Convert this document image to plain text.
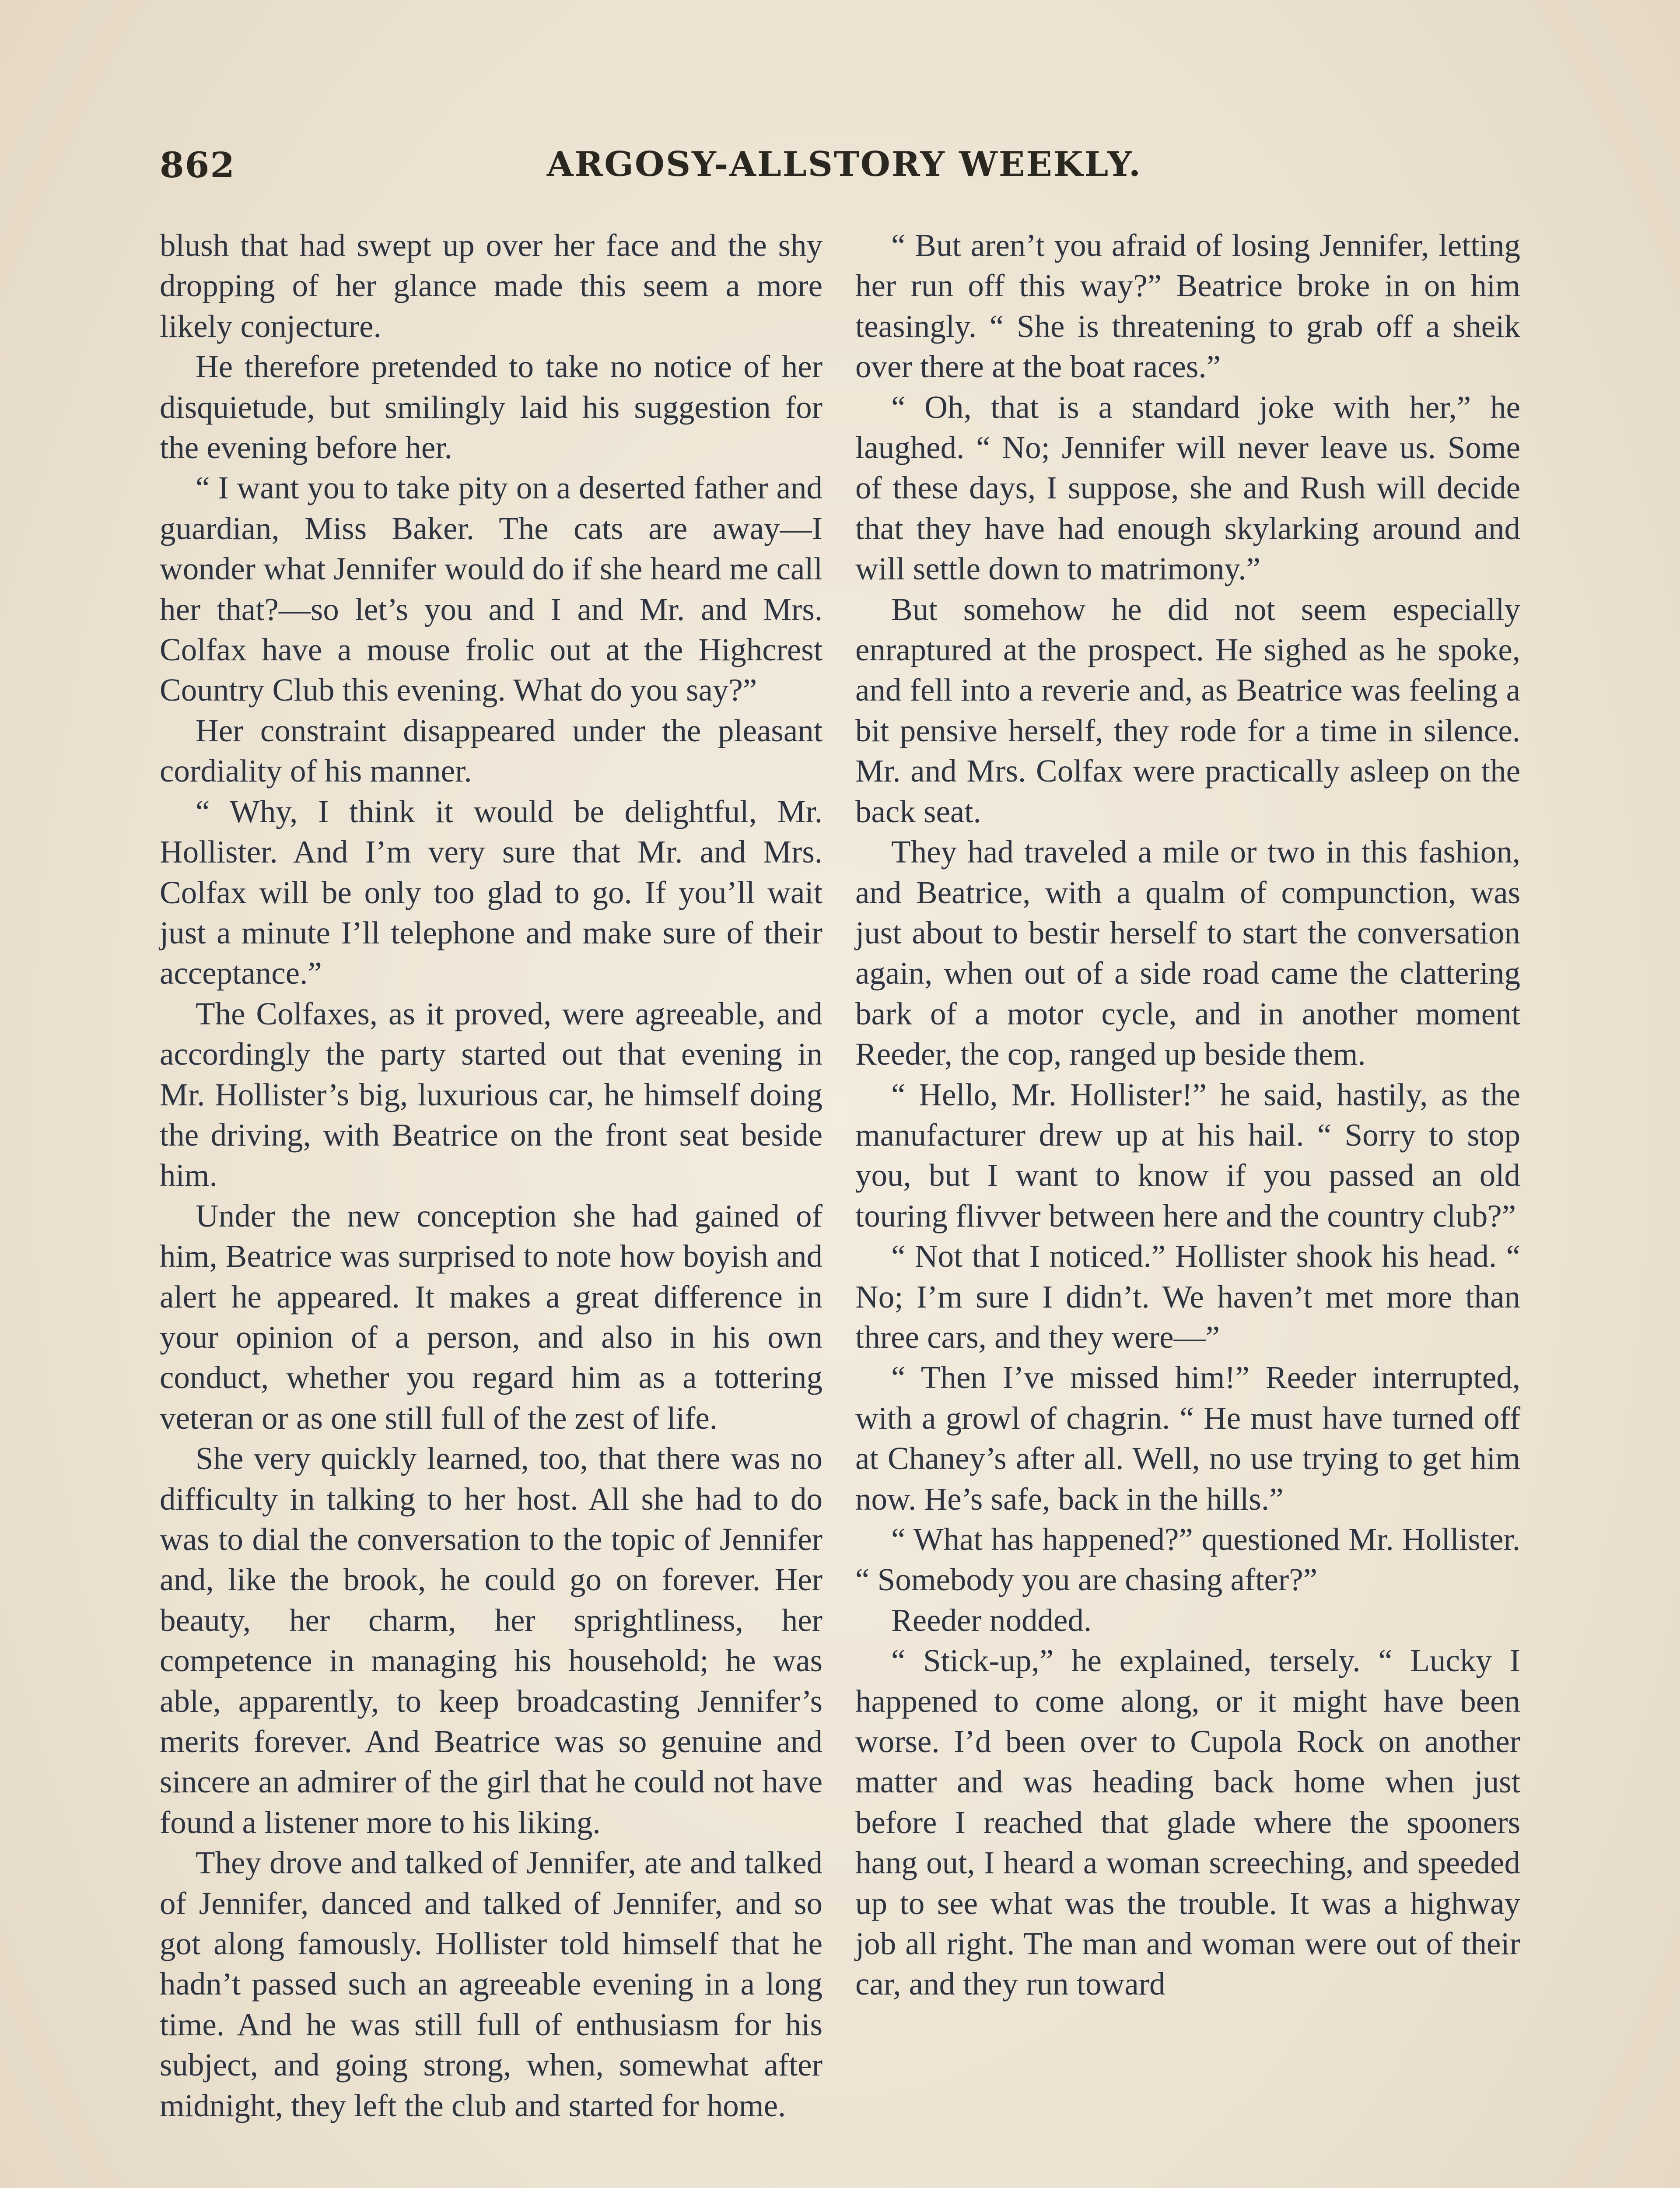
862	ARGOSY-ALLSTORY WEEKLY.

blush that had swept up over her face and the shy dropping of her glance made this seem a more likely conjecture.

He therefore pretended to take no notice of her disquietude, but smilingly laid his suggestion for the evening before her.

“ I want you to take pity on a deserted father and guardian, Miss Baker. The cats are away—I wonder what Jennifer would do if she heard me call her that?—so let’s you and I and Mr. and Mrs. Colfax have a mouse frolic out at the Highcrest Country Club this evening. What do you say?”

Her constraint disappeared under the pleasant cordiality of his manner.

“ Why, I think it would be delightful, Mr. Hollister. And I’m very sure that Mr. and Mrs. Colfax will be only too glad to go. If you’ll wait just a minute I’ll telephone and make sure of their acceptance.”

The Colfaxes, as it proved, were agreeable, and accordingly the party started out that evening in Mr. Hollister’s big, luxurious car, he himself doing the driving, with Beatrice on the front seat beside him.

Under the new conception she had gained of him, Beatrice was surprised to note how boyish and alert he appeared. It makes a great difference in your opinion of a person, and also in his own conduct, whether you regard him as a tottering veteran or as one still full of the zest of life.

She very quickly learned, too, that there was no difficulty in talking to her host. All she had to do was to dial the conversation to the topic of Jennifer and, like the brook, he could go on forever. Her beauty, her charm, her sprightliness, her competence in managing his household; he was able, apparently, to keep broadcasting Jennifer’s merits forever. And Beatrice was so genuine and sincere an admirer of the girl that he could not have found a listener more to his liking.

They drove and talked of Jennifer, ate and talked of Jennifer, danced and talked of Jennifer, and so got along famously. Hollister told himself that he hadn’t passed such an agreeable evening in a long time. And he was still full of enthusiasm for his subject, and going strong, when, somewhat after midnight, they left the club and started for home.

“ But aren’t you afraid of losing Jennifer, letting her run off this way?” Beatrice broke in on him teasingly. “ She is threatening to grab off a sheik over there at the boat races.”

“ Oh, that is a standard joke with her,” he laughed. “ No; Jennifer will never leave us. Some of these days, I suppose, she and Rush will decide that they have had enough skylarking around and will settle down to matrimony.”

But somehow he did not seem especially enraptured at the prospect. He sighed as he spoke, and fell into a reverie and, as Beatrice was feeling a bit pensive herself, they rode for a time in silence. Mr. and Mrs. Colfax were practically asleep on the back seat.

They had traveled a mile or two in this fashion, and Beatrice, with a qualm of compunction, was just about to bestir herself to start the conversation again, when out of a side road came the clattering bark of a motor cycle, and in another moment Reeder, the cop, ranged up beside them.

“ Hello, Mr. Hollister!” he said, hastily, as the manufacturer drew up at his hail. “ Sorry to stop you, but I want to know if you passed an old touring flivver between here and the country club?”

“ Not that I noticed.” Hollister shook his head. “ No; I’m sure I didn’t. We haven’t met more than three cars, and they were—”

“ Then I’ve missed him!” Reeder interrupted, with a growl of chagrin. “ He must have turned off at Chaney’s after all. Well, no use trying to get him now. He’s safe, back in the hills.”

“ What has happened?” questioned Mr. Hollister. “ Somebody you are chasing after?”

Reeder nodded.

“ Stick-up,” he explained, tersely. “ Lucky I happened to come along, or it might have been worse. I’d been over to Cupola Rock on another matter and was heading back home when just before I reached that glade where the spooners hang out, I heard a woman screeching, and speeded up to see what was the trouble. It was a highway job all right. The man and woman were out of their car, and they run toward
